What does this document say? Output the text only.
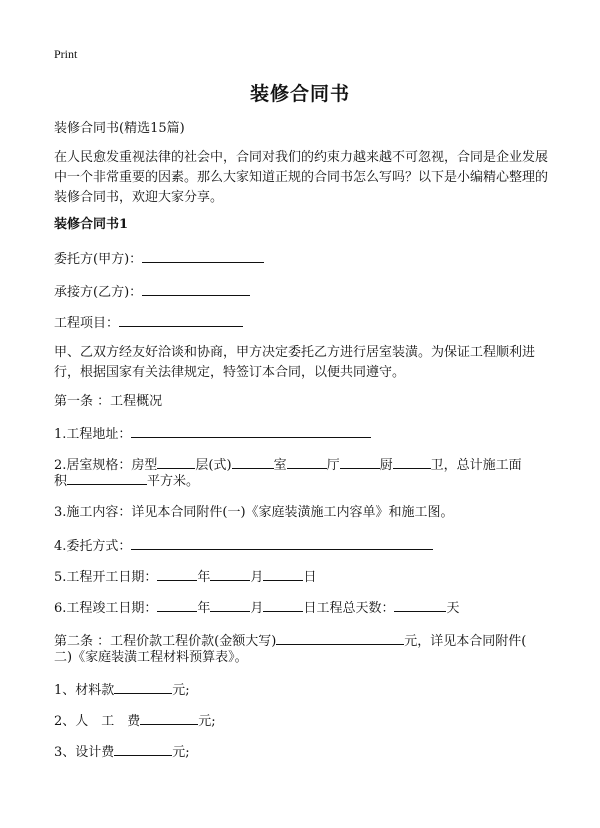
Print
装修合同书
装修合同书(精选15篇)
在人民愈发重视法律的社会中，合同对我们的约束力越来越不可忽视，合同是企业发展中一个非常重要的因素。那么大家知道正规的合同书怎么写吗？以下是小编精心整理的装修合同书，欢迎大家分享。
装修合同书1
委托方(甲方)：
承接方(乙方)：
工程项目：
甲、乙双方经友好洽谈和协商，甲方决定委托乙方进行居室装潢。为保证工程顺利进行，根据国家有关法律规定，特签订本合同，以便共同遵守。
第一条 ：工程概况
1.工程地址：
2.居室规格：房型	层(式)	室	厅	厨	卫，总计施工面
积	平方米。
3.施工内容：详见本合同附件(一)《家庭装潢施工内容单》和施工图。
4.委托方式：
5.工程开工日期：	年	月	日
6.工程竣工日期：	年	月	日工程总天数：	天
第二条 ：工程价款工程价款(金额大写)	元，详见本合同附件(
二)《家庭装潢工程材料预算表》。
1、材料款	元;
2、人　工　费	元;
3、设计费	元;
